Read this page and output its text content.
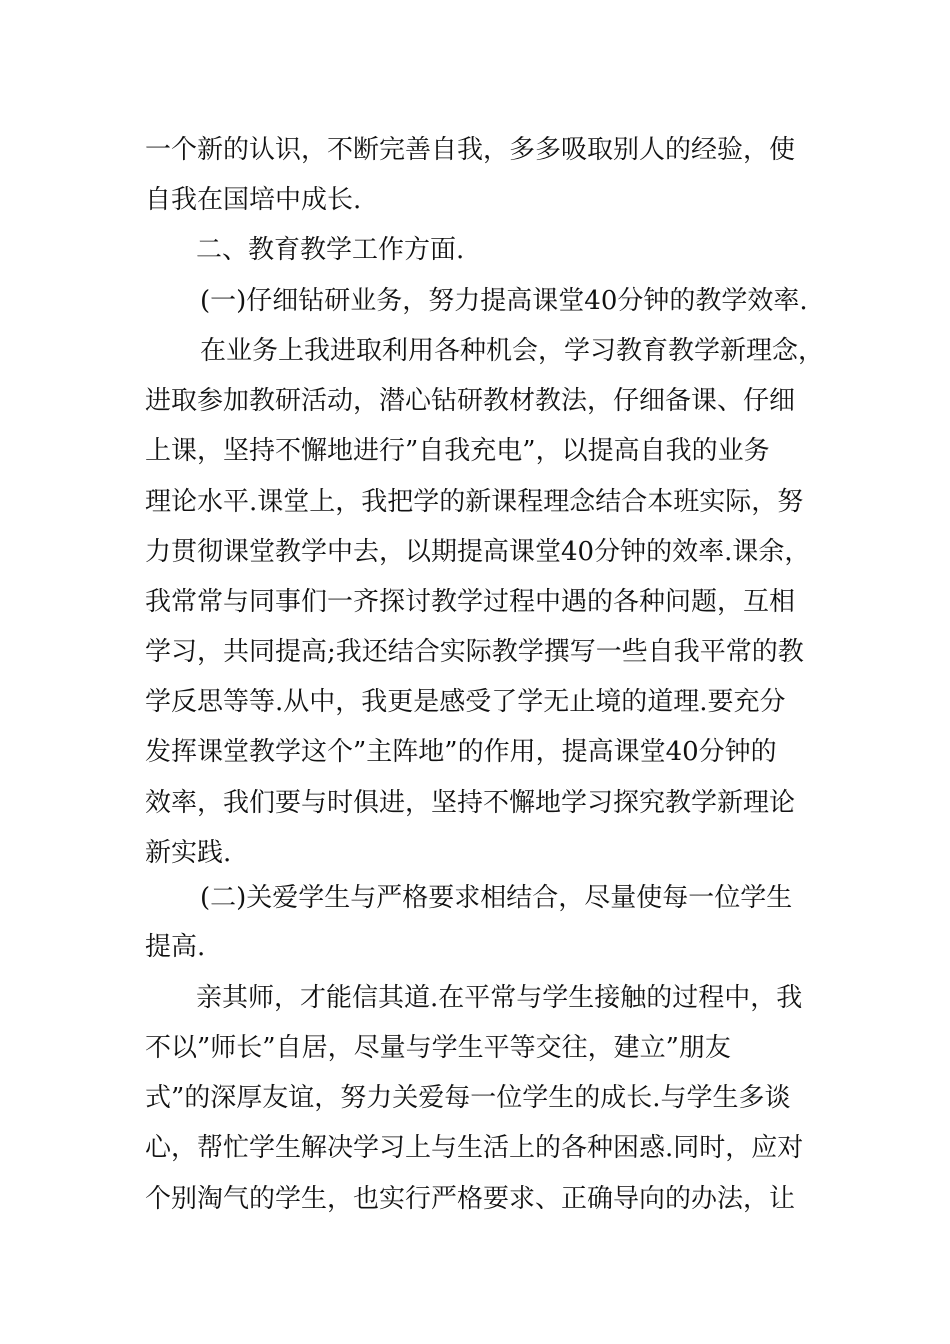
一个新的认识，不断完善自我，多多吸取别人的经验，使
自我在国培中成长.
二、教育教学工作方面.
(一)仔细钻研业务，努力提高课堂40分钟的教学效率.
在业务上我进取利用各种机会，学习教育教学新理念，
进取参加教研活动，潜心钻研教材教法，仔细备课、仔细
上课，坚持不懈地进行”自我充电”，以提高自我的业务
理论水平.课堂上，我把学的新课程理念结合本班实际，努
力贯彻课堂教学中去，以期提高课堂40分钟的效率.课余，
我常常与同事们一齐探讨教学过程中遇的各种问题，互相
学习，共同提高;我还结合实际教学撰写一些自我平常的教
学反思等等.从中，我更是感受了学无止境的道理.要充分
发挥课堂教学这个”主阵地”的作用，提高课堂40分钟的
效率，我们要与时俱进，坚持不懈地学习探究教学新理论
新实践.
(二)关爱学生与严格要求相结合，尽量使每一位学生
提高.
亲其师，才能信其道.在平常与学生接触的过程中，我
不以”师长”自居，尽量与学生平等交往，建立”朋友
式”的深厚友谊，努力关爱每一位学生的成长.与学生多谈
心，帮忙学生解决学习上与生活上的各种困惑.同时，应对
个别淘气的学生，也实行严格要求、正确导向的办法，让
